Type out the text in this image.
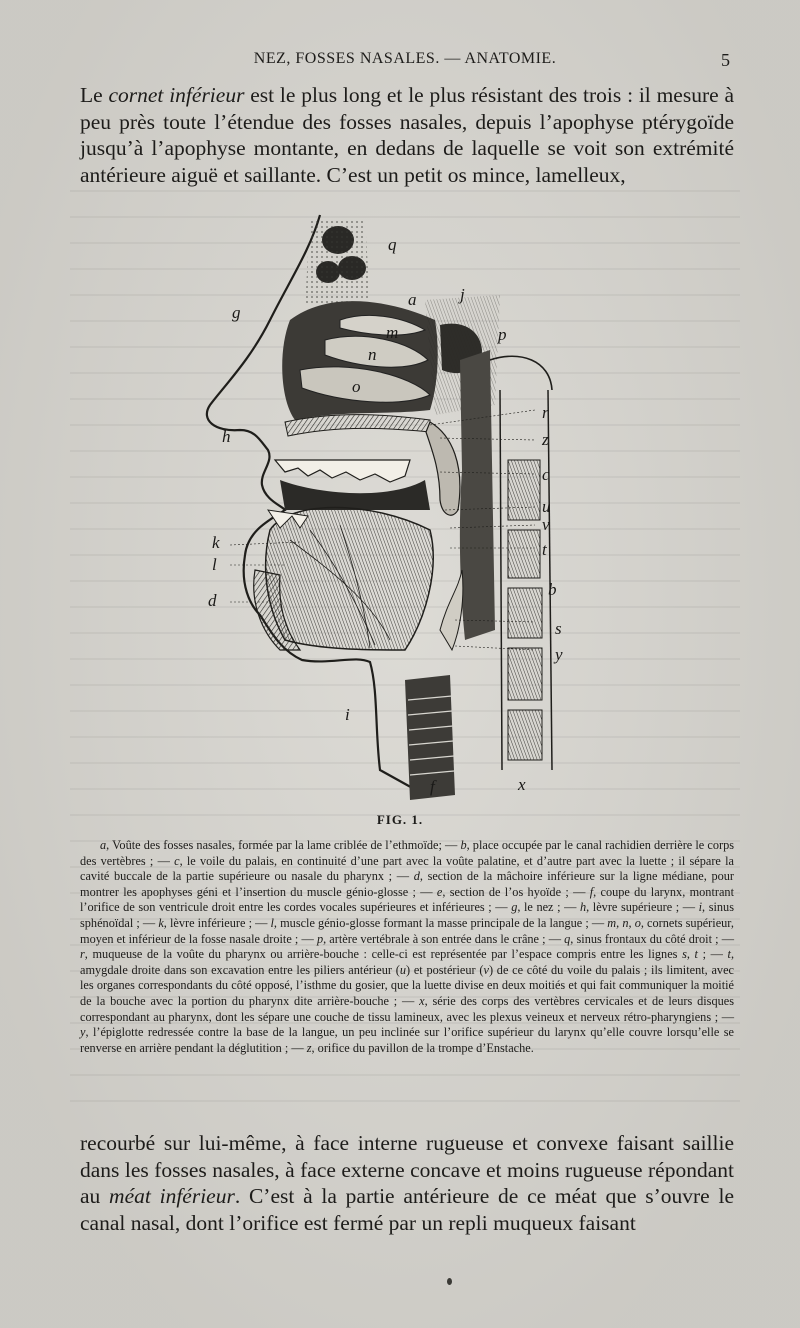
NEZ, FOSSES NASALES. — ANATOMIE.	5

Le cornet inférieur est le plus long et le plus résistant des trois : il mesure à peu près toute l’étendue des fosses nasales, depuis l’apophyse ptérygoïde jusqu’à l’apophyse montante, en dedans de laquelle se voit son extrémité antérieure aiguë et saillante. C’est un petit os mince, lamelleux,

q
g
a	j
m	p
n
o
r
h	z
c
u
v
k	t
l
b
d
s
y
i
x
f
FIG. 1.

a, Voûte des fosses nasales, formée par la lame criblée de l’ethmoïde; — b, place occupée par le canal rachidien derrière le corps des vertèbres ; — c, le voile du palais, en continuité d’une part avec la voûte palatine, et d’autre part avec la luette ; il sépare la cavité buccale de la partie supérieure ou nasale du pharynx ; — d, section de la mâchoire inférieure sur la ligne médiane, pour montrer les apophyses géni et l’insertion du muscle génio-glosse ; — e, section de l’os hyoïde ; — f, coupe du larynx, montrant l’orifice de son ventricule droit entre les cordes vocales supérieures et inférieures ; — g, le nez ; — h, lèvre supérieure ; — i, sinus sphénoïdal ; — k, lèvre inférieure ; — l, muscle génio-glosse formant la masse principale de la langue ; — m, n, o, cornets supérieur, moyen et inférieur de la fosse nasale droite ; — p, artère vertébrale à son entrée dans le crâne ; — q, sinus frontaux du côté droit ; — r, muqueuse de la voûte du pharynx ou arrière-bouche : celle-ci est représentée par l’espace compris entre les lignes s, t ; — t, amygdale droite dans son excavation entre les piliers antérieur (u) et postérieur (v) de ce côté du voile du palais ; ils limitent, avec les organes correspondants du côté opposé, l’isthme du gosier, que la luette divise en deux moitiés et qui fait communiquer la moitié de la bouche avec la portion du pharynx dite arrière-bouche ; — x, série des corps des vertèbres cervicales et de leurs disques correspondant au pharynx, dont les sépare une couche de tissu lamineux, avec les plexus veineux et nerveux rétro-pharyngiens ; — y, l’épiglotte redressée contre la base de la langue, un peu inclinée sur l’orifice supérieur du larynx qu’elle couvre lorsqu’elle se renverse en arrière pendant la déglutition ; — z, orifice du pavillon de la trompe d’Enstache.

recourbé sur lui-même, à face interne rugueuse et convexe faisant saillie dans les fosses nasales, à face externe concave et moins rugueuse répondant au méat inférieur. C’est à la partie antérieure de ce méat que s’ouvre le canal nasal, dont l’orifice est fermé par un repli muqueux faisant
